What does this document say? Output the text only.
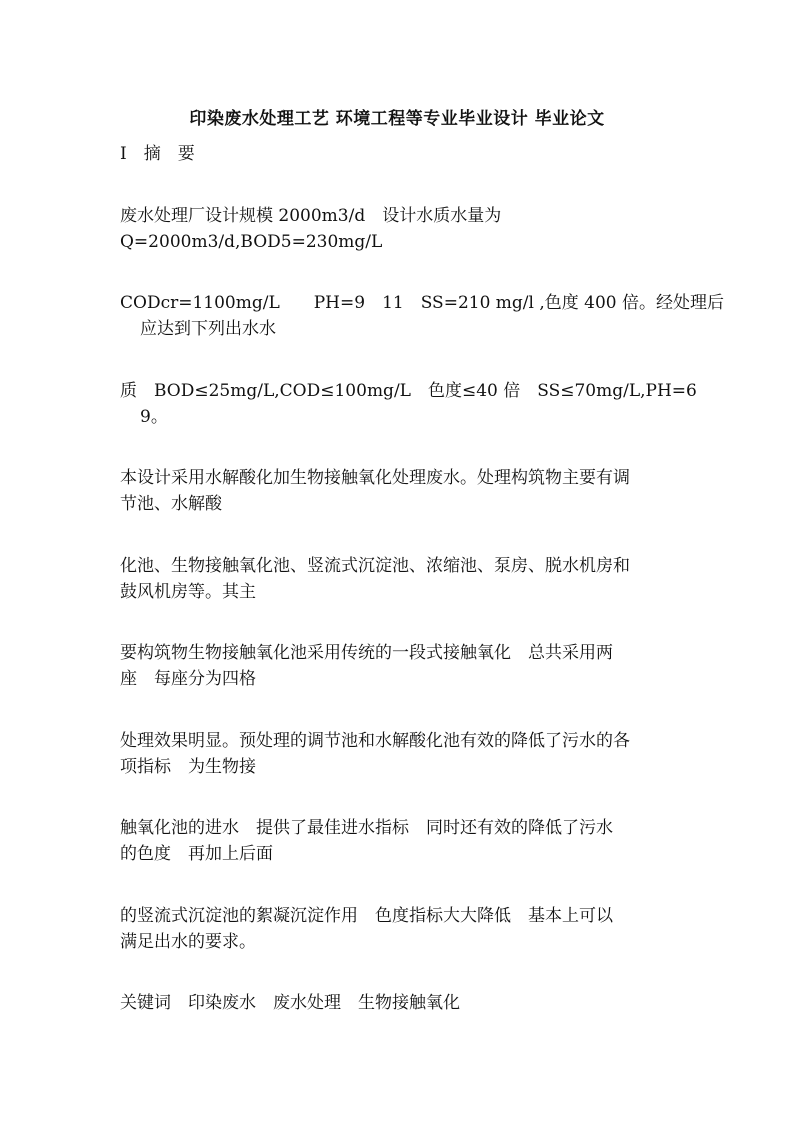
印染废水处理工艺 环境工程等专业毕业设计 毕业论文
I　摘　要
废水处理厂设计规模 2000m3/d　设计水质水量为
Q=2000m3/d,BOD5=230mg/L
CODcr=1100mg/L　　PH=9　11　SS=210 mg/l ,色度 400 倍。经处理后
应达到下列出水水
质　BOD≤25mg/L,COD≤100mg/L　色度≤40 倍　SS≤70mg/L,PH=6
9。
本设计采用水解酸化加生物接触氧化处理废水。处理构筑物主要有调
节池、水解酸
化池、生物接触氧化池、竖流式沉淀池、浓缩池、泵房、脱水机房和
鼓风机房等。其主
要构筑物生物接触氧化池采用传统的一段式接触氧化　总共采用两
座　每座分为四格
处理效果明显。预处理的调节池和水解酸化池有效的降低了污水的各
项指标　为生物接
触氧化池的进水　提供了最佳进水指标　同时还有效的降低了污水
的色度　再加上后面
的竖流式沉淀池的絮凝沉淀作用　色度指标大大降低　基本上可以
满足出水的要求。
关键词　印染废水　废水处理　生物接触氧化
